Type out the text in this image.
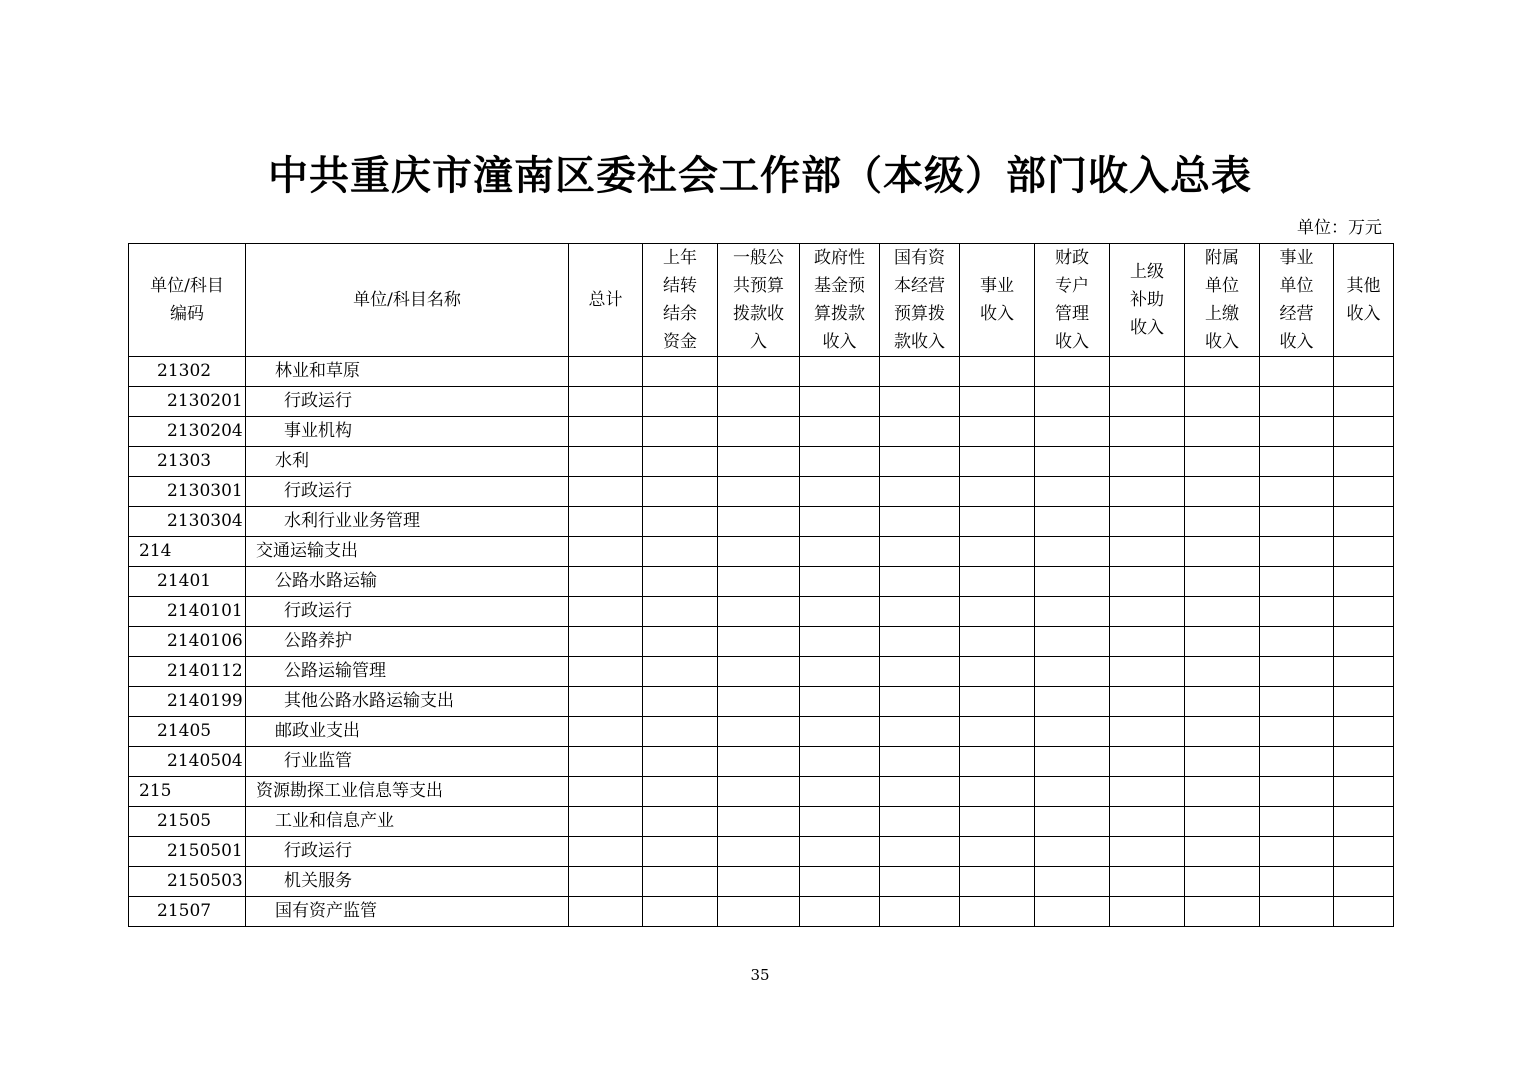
中共重庆市潼南区委社会工作部（本级）部门收入总表
单位：万元
单位/科目
编码	单位/科目名称	总计	上年
结转
结余
资金	一般公
共预算
拨款收
入	政府性
基金预
算拨款
收入	国有资
本经营
预算拨
款收入	事业
收入	财政
专户
管理
收入	上级
补助
收入	附属
单位
上缴
收入	事业
单位
经营
收入	其他
收入

21302	林业和草原											
2130201	行政运行											
2130204	事业机构											
21303	水利											
2130301	行政运行											
2130304	水利行业业务管理											
214	交通运输支出											
21401	公路水路运输											
2140101	行政运行											
2140106	公路养护											
2140112	公路运输管理											
2140199	其他公路水路运输支出											
21405	邮政业支出											
2140504	行业监管											
215	资源勘探工业信息等支出											
21505	工业和信息产业											
2150501	行政运行											
2150503	机关服务											
21507	国有资产监管											
35
